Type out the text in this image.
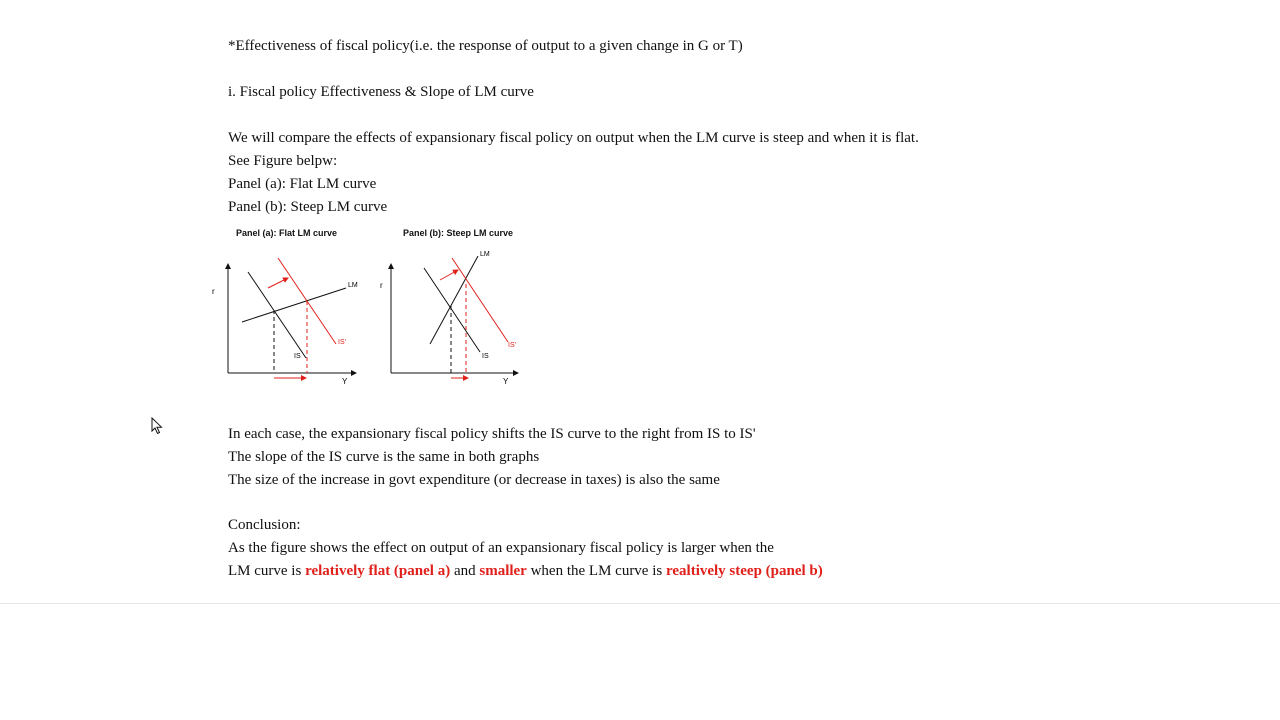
*Effectiveness of fiscal policy(i.e. the response of output to a given change in G or T)
i. Fiscal policy Effectiveness & Slope of LM curve
We will compare the effects of expansionary fiscal policy on output when the LM curve is steep and when it is flat.
See Figure belpw:
Panel (a): Flat LM curve
Panel (b): Steep LM curve
Panel (a): Flat LM curve
r
Y
LM
IS
IS'
Panel (b): Steep LM curve
r
Y
LM
IS
IS'
In each case, the expansionary fiscal policy shifts the IS curve to the right from IS to IS'
The slope of the IS curve is the same in both graphs
The size of the increase in govt expenditure (or decrease in taxes) is also the same
Conclusion:
As the figure shows the effect on output of an expansionary fiscal policy is larger when the
LM curve is relatively flat (panel a) and smaller when the LM curve is realtively steep (panel b)
